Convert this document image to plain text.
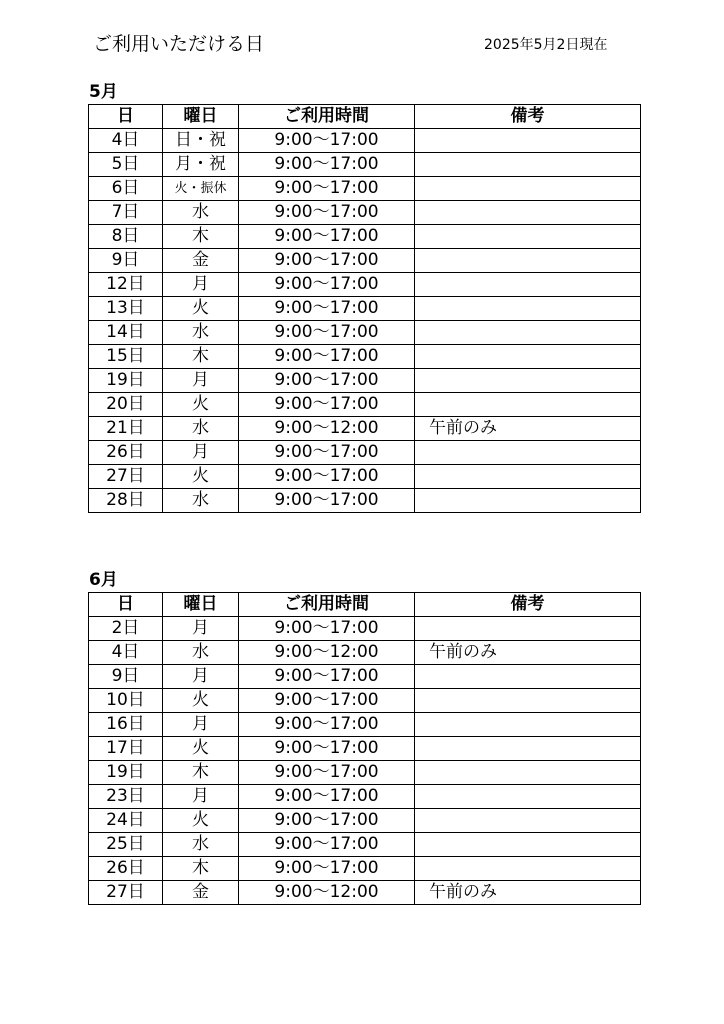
ご利用いただける日	2025年5月2日現在
5月
日	曜日	ご利用時間	備考
4日	日・祝	9:00〜17:00	
5日	月・祝	9:00〜17:00	
6日	火・振休	9:00〜17:00	
7日	水	9:00〜17:00	
8日	木	9:00〜17:00	
9日	金	9:00〜17:00	
12日	月	9:00〜17:00	
13日	火	9:00〜17:00	
14日	水	9:00〜17:00	
15日	木	9:00〜17:00	
19日	月	9:00〜17:00	
20日	火	9:00〜17:00	
21日	水	9:00〜12:00	午前のみ
26日	月	9:00〜17:00	
27日	火	9:00〜17:00	
28日	水	9:00〜17:00	
6月
日	曜日	ご利用時間	備考
2日	月	9:00〜17:00	
4日	水	9:00〜12:00	午前のみ
9日	月	9:00〜17:00	
10日	火	9:00〜17:00	
16日	月	9:00〜17:00	
17日	火	9:00〜17:00	
19日	木	9:00〜17:00	
23日	月	9:00〜17:00	
24日	火	9:00〜17:00	
25日	水	9:00〜17:00	
26日	木	9:00〜17:00	
27日	金	9:00〜12:00	午前のみ
